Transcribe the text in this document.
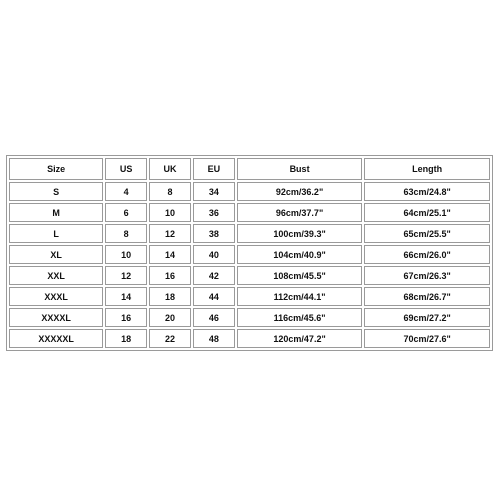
Size	US	UK	EU	Bust	Length
S	4	8	34	92cm/36.2"	63cm/24.8"
M	6	10	36	96cm/37.7"	64cm/25.1"
L	8	12	38	100cm/39.3"	65cm/25.5"
XL	10	14	40	104cm/40.9"	66cm/26.0"
XXL	12	16	42	108cm/45.5"	67cm/26.3"
XXXL	14	18	44	112cm/44.1"	68cm/26.7"
XXXXL	16	20	46	116cm/45.6"	69cm/27.2"
XXXXXL	18	22	48	120cm/47.2"	70cm/27.6"
